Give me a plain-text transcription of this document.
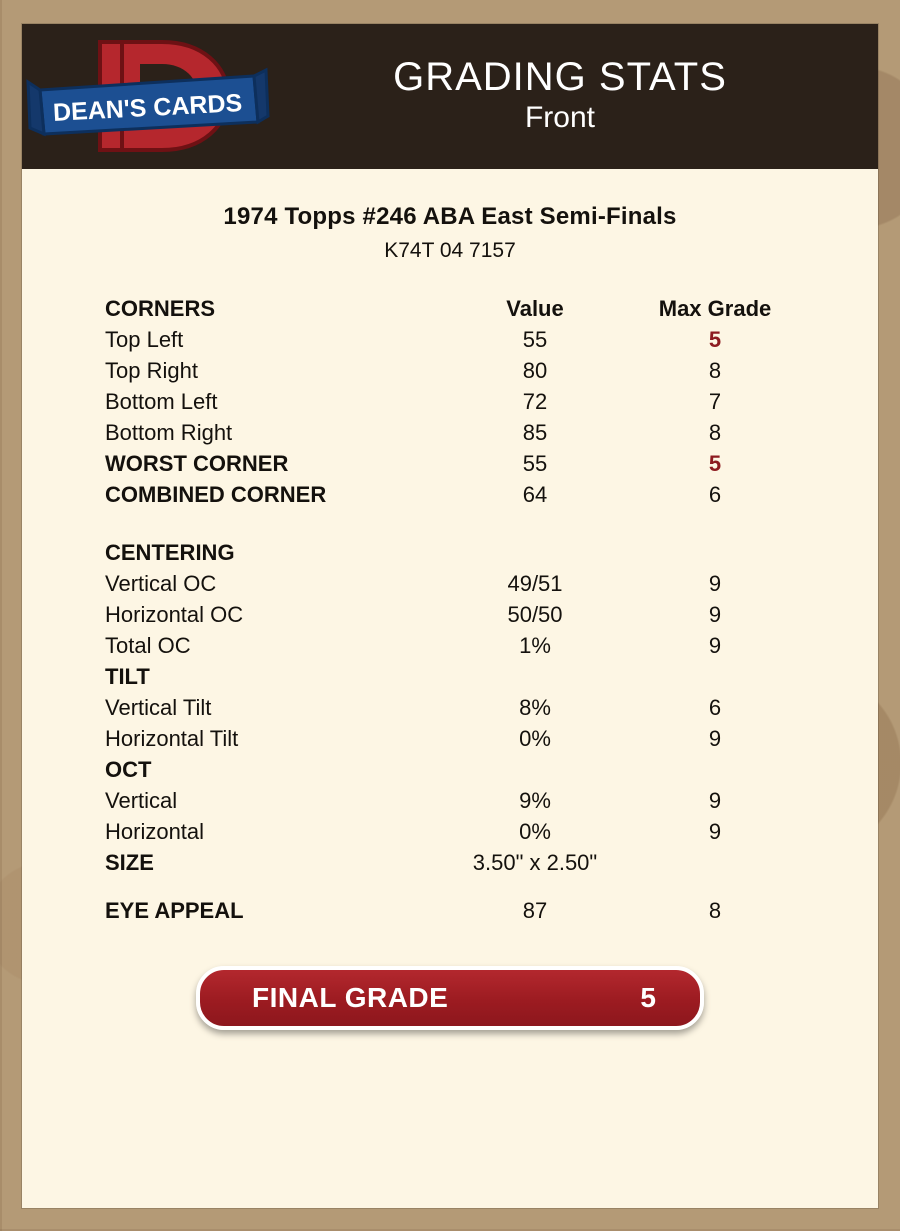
DEAN'S CARDS
GRADING STATS
Front
1974 Topps #246 ABA East Semi-Finals
K74T 04 7157
CORNERS	Value	Max Grade
Top Left	55	5
Top Right	80	8
Bottom Left	72	7
Bottom Right	85	8
WORST CORNER	55	5
COMBINED CORNER	64	6

CENTERING		
Vertical OC	49/51	9
Horizontal OC	50/50	9
Total OC	1%	9
TILT		
Vertical Tilt	8%	6
Horizontal Tilt	0%	9
OCT		
Vertical	9%	9
Horizontal	0%	9
SIZE	3.50" x 2.50"	

EYE APPEAL	87	8
FINAL GRADE	5
